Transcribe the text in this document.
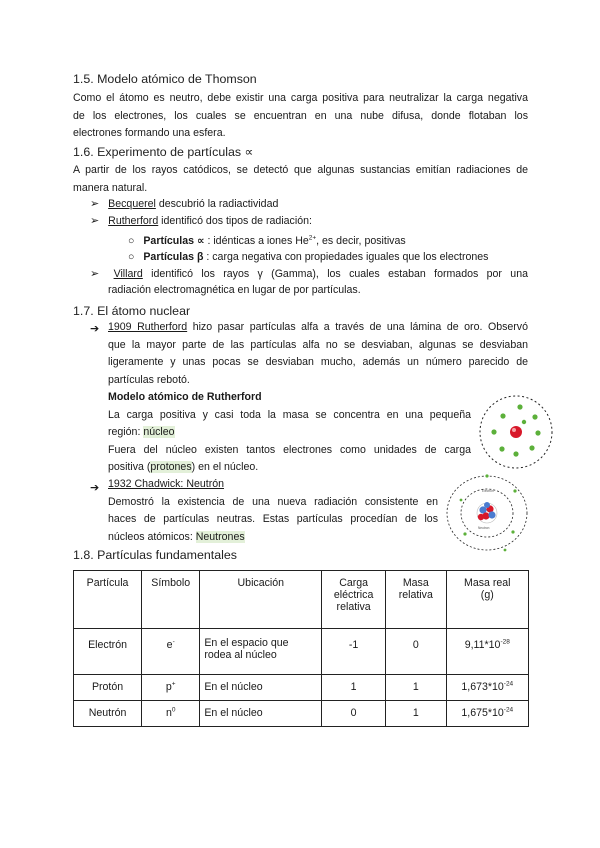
1.5. Modelo atómico de Thomson
Como el átomo es neutro, debe existir una carga positiva para neutralizar la carga negativa
de los electrones, los cuales se encuentran en una nube difusa, donde flotaban los
electrones formando una esfera.
1.6. Experimento de partículas ∝
A partir de los rayos catódicos, se detectó que algunas sustancias emitían radiaciones de
manera natural.
➢ Becquerel descubrió la radiactividad
➢ Rutherford identificó dos tipos de radiación:
○ Partículas ∝ : idénticas a iones $He^{2+}$, es decir, positivas
○ Partículas β : carga negativa con propiedades iguales que los electrones
➢ Villard identificó los rayos γ (Gamma), los cuales estaban formados por una
radiación electromagnética en lugar de por partículas.
1.7. El átomo nuclear
➔ 1909 Rutherford hizo pasar partículas alfa a través de una lámina de oro. Observó
que la mayor parte de las partículas alfa no se desviaban, algunas se desviaban
ligeramente y unas pocas se desviaban mucho, además un número parecido de
partículas rebotó.
Modelo atómico de Rutherford
La carga positiva y casi toda la masa se concentra en una pequeña
región: núcleo
Fuera del núcleo existen tantos electrones como unidades de carga
positiva (protones) en el núcleo.
➔ 1932 Chadwick: Neutrón
Demostró la existencia de una nueva radiación consistente en
haces de partículas neutras. Estas partículas procedían de los
núcleos atómicos: Neutrones
Electron
Neutron
1.8. Partículas fundamentales
Partícula	Símbolo	Ubicación	Carga eléctrica relativa	Masa relativa	Masa real (g)

Electrón	e-	En el espacio que rodea al núcleo	-1	0	$9,11*10^{-28}$

Protón	p+	En el núcleo	1	1	$1,673*10^{-24}$

Neutrón	$n^0$	En el núcleo	0	1	$1,675*10^{-24}$
